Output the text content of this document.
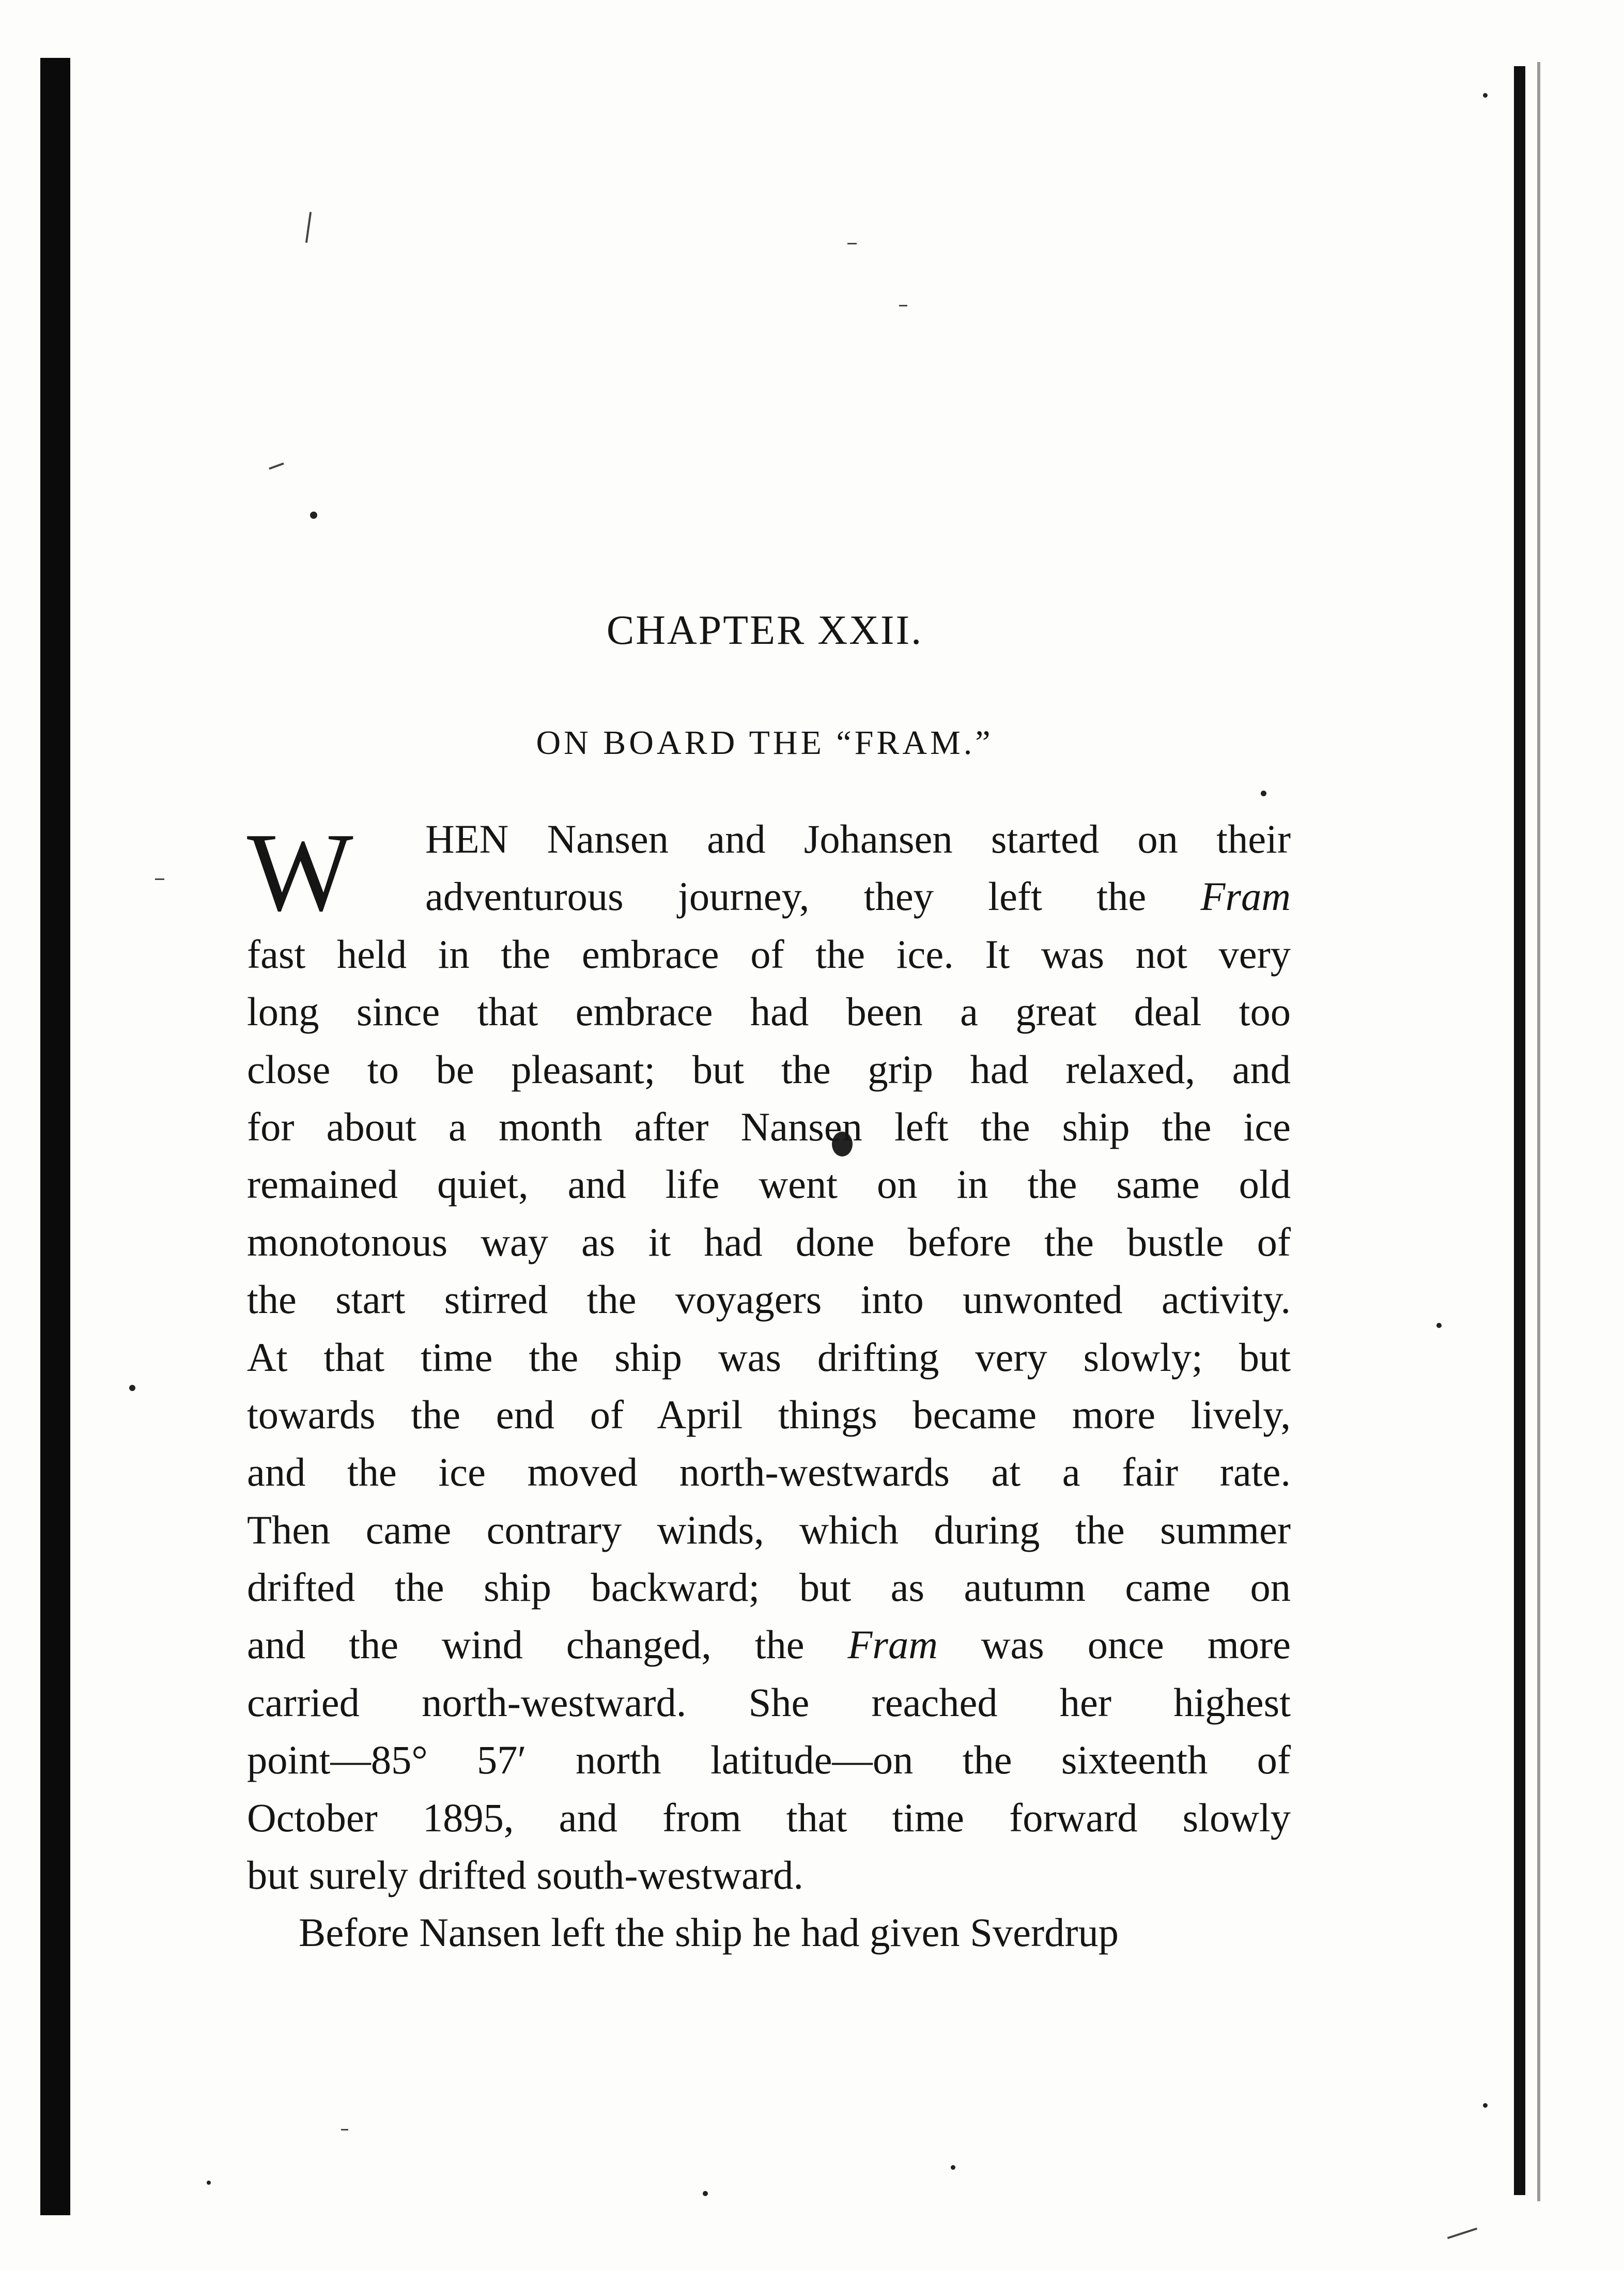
CHAPTER XXII.
ON BOARD THE “FRAM.”
W HEN Nansen and Johansen started on their
adventurous journey, they left the Fram
fast held in the embrace of the ice. It was not very
long since that embrace had been a great deal too
close to be pleasant; but the grip had relaxed, and
for about a month after Nansen left the ship the ice
remained quiet, and life went on in the same old
monotonous way as it had done before the bustle of
the start stirred the voyagers into unwonted activity.
At that time the ship was drifting very slowly; but
towards the end of April things became more lively,
and the ice moved north-westwards at a fair rate.
Then came contrary winds, which during the summer
drifted the ship backward; but as autumn came on
and the wind changed, the Fram was once more
carried north-westward. She reached her highest
point—85° 57′ north latitude—on the sixteenth of
October 1895, and from that time forward slowly
but surely drifted south-westward.
Before Nansen left the ship he had given Sverdrup
